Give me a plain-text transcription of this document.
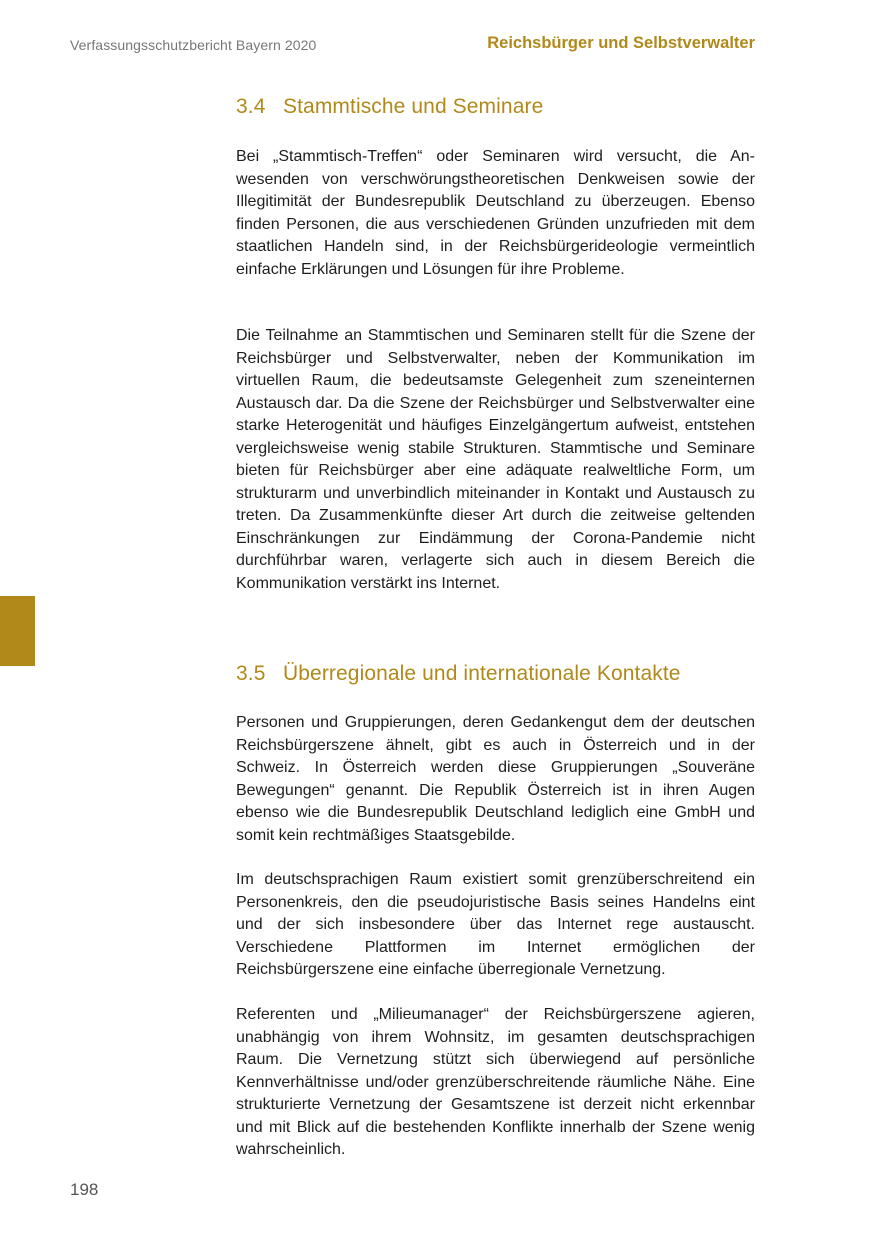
Verfassungsschutzbericht Bayern 2020	Reichsbürger und Selbstverwalter
3.4 Stammtische und Seminare

Bei „Stammtisch-Treffen“ oder Seminaren wird versucht, die Anwesenden von verschwörungstheoretischen Denkweisen sowie der Illegitimität der Bundesrepublik Deutschland zu überzeugen. Ebenso finden Personen, die aus verschiedenen Gründen unzufrieden mit dem staatlichen Handeln sind, in der Reichsbürgerideologie vermeintlich einfache Erklärungen und Lösungen für ihre Probleme.

Die Teilnahme an Stammtischen und Seminaren stellt für die Szene der Reichsbürger und Selbstverwalter, neben der Kommunikation im virtuellen Raum, die bedeutsamste Gelegenheit zum szeneinternen Austausch dar. Da die Szene der Reichsbürger und Selbstverwalter eine starke Heterogenität und häufiges Einzelgängertum aufweist, entstehen vergleichsweise wenig stabile Strukturen. Stammtische und Seminare bieten für Reichsbürger aber eine adäquate realweltliche Form, um strukturarm und unverbindlich miteinander in Kontakt und Austausch zu treten. Da Zusammenkünfte dieser Art durch die zeitweise geltenden Einschränkungen zur Eindämmung der Corona-Pandemie nicht durchführbar waren, verlagerte sich auch in diesem Bereich die Kommunikation verstärkt ins Internet.

3.5 Überregionale und internationale Kontakte

Personen und Gruppierungen, deren Gedankengut dem der deutschen Reichsbürgerszene ähnelt, gibt es auch in Österreich und in der Schweiz. In Österreich werden diese Gruppierungen „Souveräne Bewegungen“ genannt. Die Republik Österreich ist in ihren Augen ebenso wie die Bundesrepublik Deutschland lediglich eine GmbH und somit kein rechtmäßiges Staatsgebilde.

Im deutschsprachigen Raum existiert somit grenzüberschreitend ein Personenkreis, den die pseudojuristische Basis seines Handelns eint und der sich insbesondere über das Internet rege austauscht. Verschiedene Plattformen im Internet ermöglichen der Reichsbürgerszene eine einfache überregionale Vernetzung.

Referenten und „Milieumanager“ der Reichsbürgerszene agieren, unabhängig von ihrem Wohnsitz, im gesamten deutschsprachigen Raum. Die Vernetzung stützt sich überwiegend auf persönliche Kennverhältnisse und/oder grenzüberschreitende räumliche Nähe. Eine strukturierte Vernetzung der Gesamtszene ist derzeit nicht erkennbar und mit Blick auf die bestehenden Konflikte innerhalb der Szene wenig wahrscheinlich.

198
